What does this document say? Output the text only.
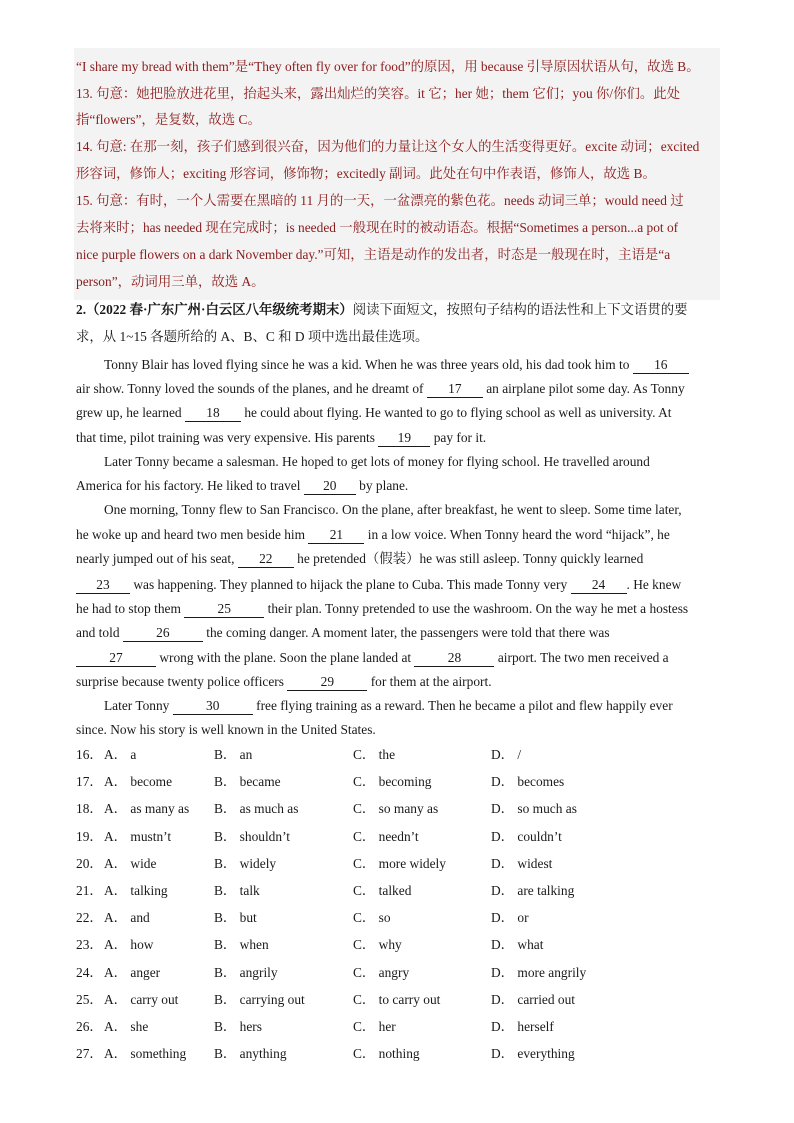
“I share my bread with them”是“They often fly over for food”的原因，用 because 引导原因状语从句，故选 B。
13. 句意：她把脸放进花里，抬起头来，露出灿烂的笑容。it 它；her 她；them 它们；you 你/你们。此处
指“flowers”，是复数，故选 C。
14. 句意: 在那一刻，孩子们感到很兴奋，因为他们的力量让这个女人的生活变得更好。excite 动词；excited
形容词，修饰人；exciting 形容词，修饰物；excitedly 副词。此处在句中作表语，修饰人，故选 B。
15. 句意：有时，一个人需要在黑暗的 11 月的一天，一盆漂亮的紫色花。needs 动词三单；would need 过
去将来时；has needed 现在完成时；is needed 一般现在时的被动语态。根据“Sometimes a person...a pot of
nice purple flowers on a dark November day.”可知，主语是动作的发出者，时态是一般现在时，主语是“a
person”，动词用三单，故选 A。
2.（2022 春·广东广州·白云区八年级统考期末）阅读下面短文，按照句子结构的语法性和上下文语贯的要
求，从 1~15 各题所给的 A、B、C 和 D 项中选出最佳选项。
Tonny Blair has loved flying since he was a kid. When he was three years old, his dad took him to 16
air show. Tonny loved the sounds of the planes, and he dreamt of 17 an airplane pilot some day. As Tonny
grew up, he learned 18 he could about flying. He wanted to go to flying school as well as university. At
that time, pilot training was very expensive. His parents 19 pay for it.
Later Tonny became a salesman. He hoped to get lots of money for flying school. He travelled around
America for his factory. He liked to travel 20 by plane.
One morning, Tonny flew to San Francisco. On the plane, after breakfast, he went to sleep. Some time later,
he woke up and heard two men beside him 21 in a low voice. When Tonny heard the word “hijack”, he
nearly jumped out of his seat, 22 he pretended（假装）he was still asleep. Tonny quickly learned
23 was happening. They planned to hijack the plane to Cuba. This made Tonny very 24 . He knew
he had to stop them	25	their plan. Tonny pretended to use the washroom. On the way he met a hostess
and told	26	the coming danger. A moment later, the passengers were told that there was
27	wrong with the plane. Soon the plane landed at	28	airport. The two men received a
surprise because twenty police officers	29	for them at the airport.
Later Tonny	30	free flying training as a reward. Then he became a pilot and flew happily ever
since. Now his story is well known in the United States.
16． A． a	B． an	C． the	D． /
17． A． become	B． became	C． becoming	D． becomes
18． A． as many as B． as much as	C． so many as	D． so much as
19． A． mustn’t	B． shouldn’t	C． needn’t	D． couldn’t
20． A． wide	B． widely	C． more widely	D． widest
21． A． talking	B． talk	C． talked	D． are talking
22． A． and	B． but	C． so	D． or
23． A． how	B． when	C． why	D． what
24． A． anger	B． angrily	C． angry	D． more angrily
25． A． carry out	B． carrying out	C． to carry out	D． carried out
26． A． she	B． hers	C． her	D． herself
27． A． something B． anything	C． nothing	D． everything
